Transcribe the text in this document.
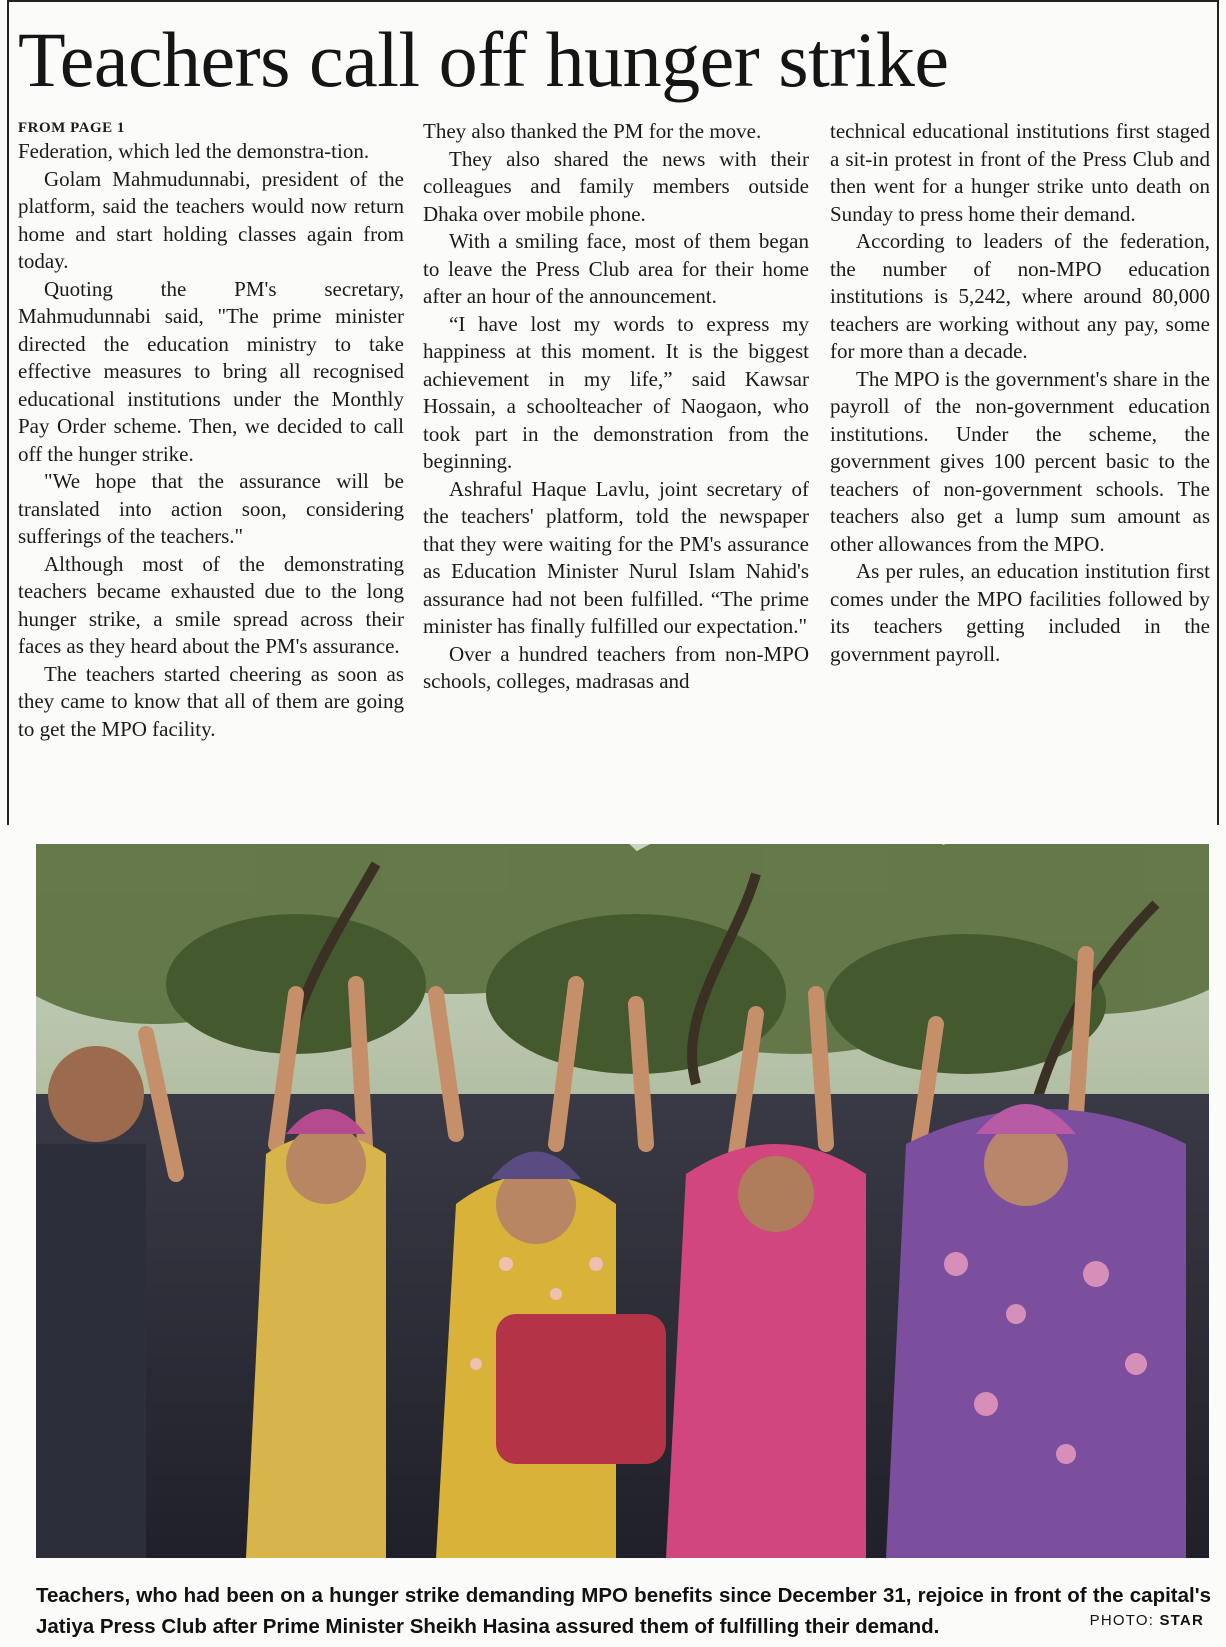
Teachers call off hunger strike

FROM PAGE 1

Federation, which led the demonstra-tion.

Golam Mahmudunnabi, president of the platform, said the teachers would now return home and start holding classes again from today.

Quoting the PM's secretary, Mahmudunnabi said, "The prime minister directed the education ministry to take effective measures to bring all recognised educational institutions under the Monthly Pay Order scheme. Then, we decided to call off the hunger strike.

"We hope that the assurance will be translated into action soon, considering sufferings of the teachers."

Although most of the demonstrating teachers became exhausted due to the long hunger strike, a smile spread across their faces as they heard about the PM's assurance.

The teachers started cheering as soon as they came to know that all of them are going to get the MPO facility.

They also thanked the PM for the move.

They also shared the news with their colleagues and family members outside Dhaka over mobile phone.

With a smiling face, most of them began to leave the Press Club area for their home after an hour of the announcement.

“I have lost my words to express my happiness at this moment. It is the biggest achievement in my life,” said Kawsar Hossain, a schoolteacher of Naogaon, who took part in the demonstration from the beginning.

Ashraful Haque Lavlu, joint secretary of the teachers' platform, told the newspaper that they were waiting for the PM's assurance as Education Minister Nurul Islam Nahid's assurance had not been fulfilled. “The prime minister has finally fulfilled our expectation."

Over a hundred teachers from non-MPO schools, colleges, madrasas and

technical educational institutions first staged a sit-in protest in front of the Press Club and then went for a hunger strike unto death on Sunday to press home their demand.

According to leaders of the federation, the number of non-MPO education institutions is 5,242, where around 80,000 teachers are working without any pay, some for more than a decade.

The MPO is the government's share in the payroll of the non-government education institutions. Under the scheme, the government gives 100 percent basic to the teachers of non-government schools. The teachers also get a lump sum amount as other allowances from the MPO.

As per rules, an education institution first comes under the MPO facilities followed by its teachers getting included in the government payroll.

Teachers, who had been on a hunger strike demanding MPO benefits since December 31, rejoice in front of the capital's Jatiya Press Club after Prime Minister Sheikh Hasina assured them of fulfilling their demand.	PHOTO: STAR
